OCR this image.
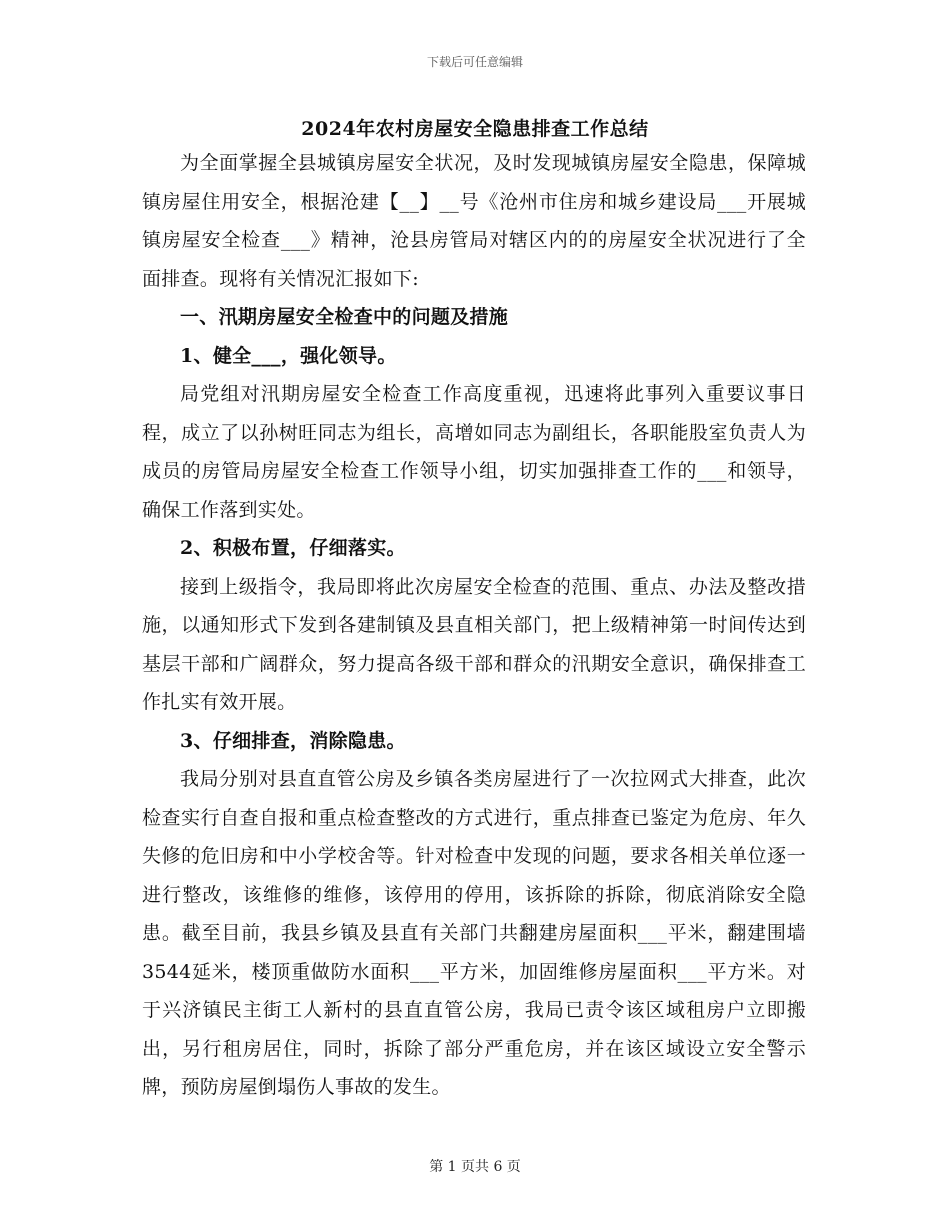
下载后可任意编辑
2024年农村房屋安全隐患排查工作总结

为全面掌握全县城镇房屋安全状况，及时发现城镇房屋安全隐患，保障城镇房屋住用安全，根据沧建【__】__号《沧州市住房和城乡建设局___开展城镇房屋安全检查___》精神，沧县房管局对辖区内的的房屋安全状况进行了全面排查。现将有关情况汇报如下:

一、汛期房屋安全检查中的问题及措施

1、健全___，强化领导。

局党组对汛期房屋安全检查工作高度重视，迅速将此事列入重要议事日程，成立了以孙树旺同志为组长，高增如同志为副组长，各职能股室负责人为成员的房管局房屋安全检查工作领导小组，切实加强排查工作的___和领导，确保工作落到实处。

2、积极布置，仔细落实。

接到上级指令，我局即将此次房屋安全检查的范围、重点、办法及整改措施，以通知形式下发到各建制镇及县直相关部门，把上级精神第一时间传达到基层干部和广阔群众，努力提高各级干部和群众的汛期安全意识，确保排查工作扎实有效开展。

3、仔细排查，消除隐患。

我局分别对县直直管公房及乡镇各类房屋进行了一次拉网式大排查，此次检查实行自查自报和重点检查整改的方式进行，重点排查已鉴定为危房、年久失修的危旧房和中小学校舍等。针对检查中发现的问题，要求各相关单位逐一进行整改，该维修的维修，该停用的停用，该拆除的拆除，彻底消除安全隐患。截至目前，我县乡镇及县直有关部门共翻建房屋面积___平米，翻建围墙3544延米，楼顶重做防水面积___平方米，加固维修房屋面积___平方米。对于兴济镇民主街工人新村的县直直管公房，我局已责令该区域租房户立即搬出，另行租房居住，同时，拆除了部分严重危房，并在该区域设立安全警示牌，预防房屋倒塌伤人事故的发生。

第 1 页共 6 页
